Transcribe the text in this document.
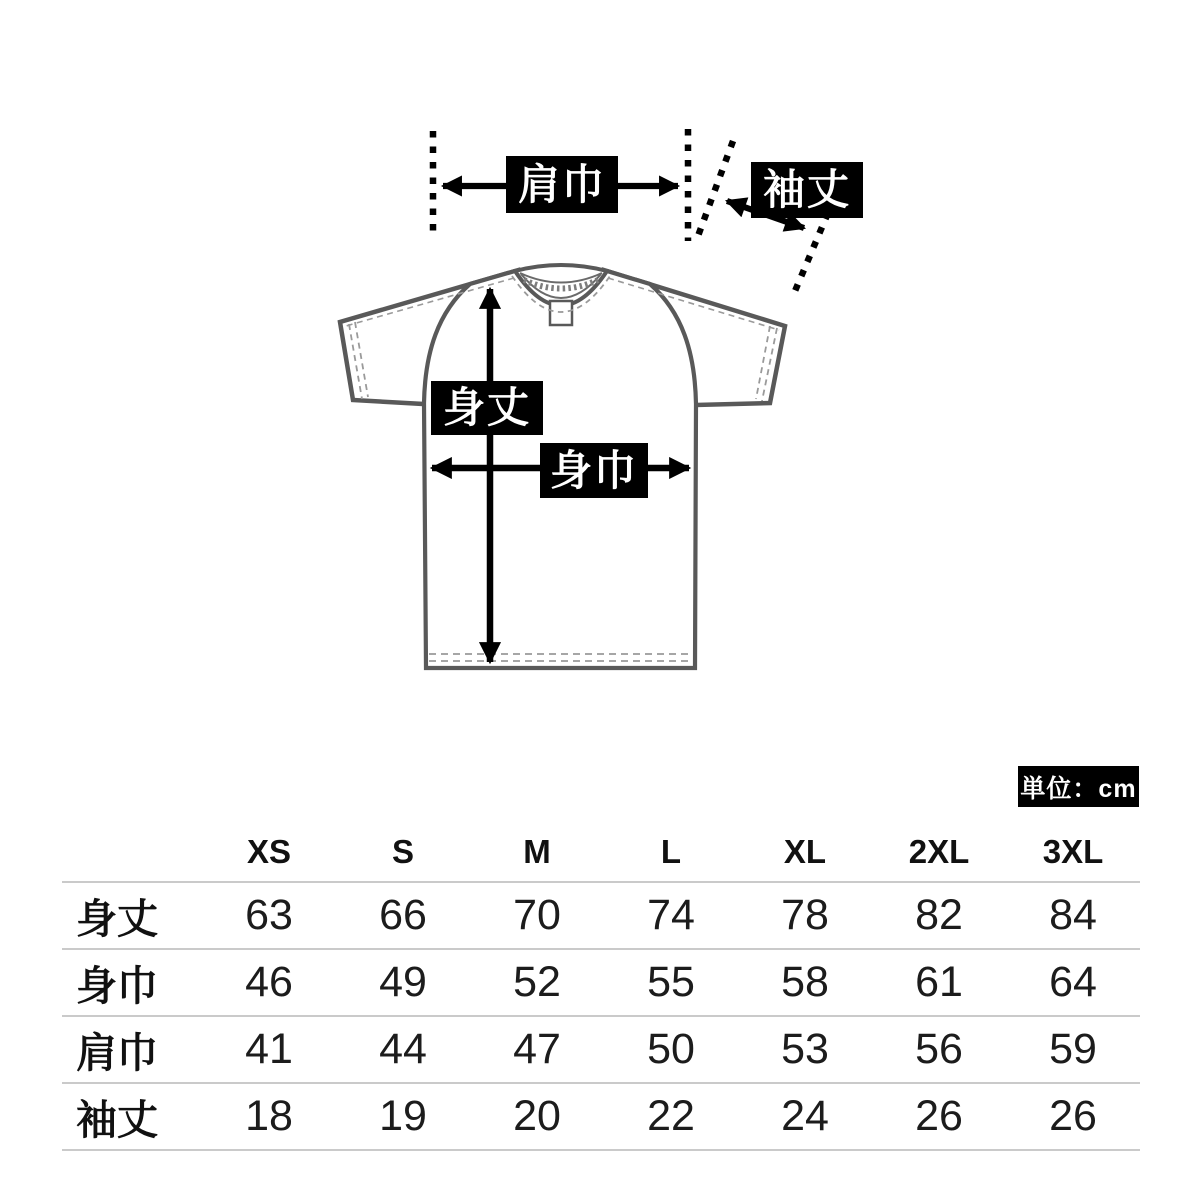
肩巾	袖丈
身丈
身巾
単位：cm
	XS	S	M	L	XL	2XL	3XL
身丈	63	66	70	74	78	82	84
身巾	46	49	52	55	58	61	64
肩巾	41	44	47	50	53	56	59
袖丈	18	19	20	22	24	26	26
